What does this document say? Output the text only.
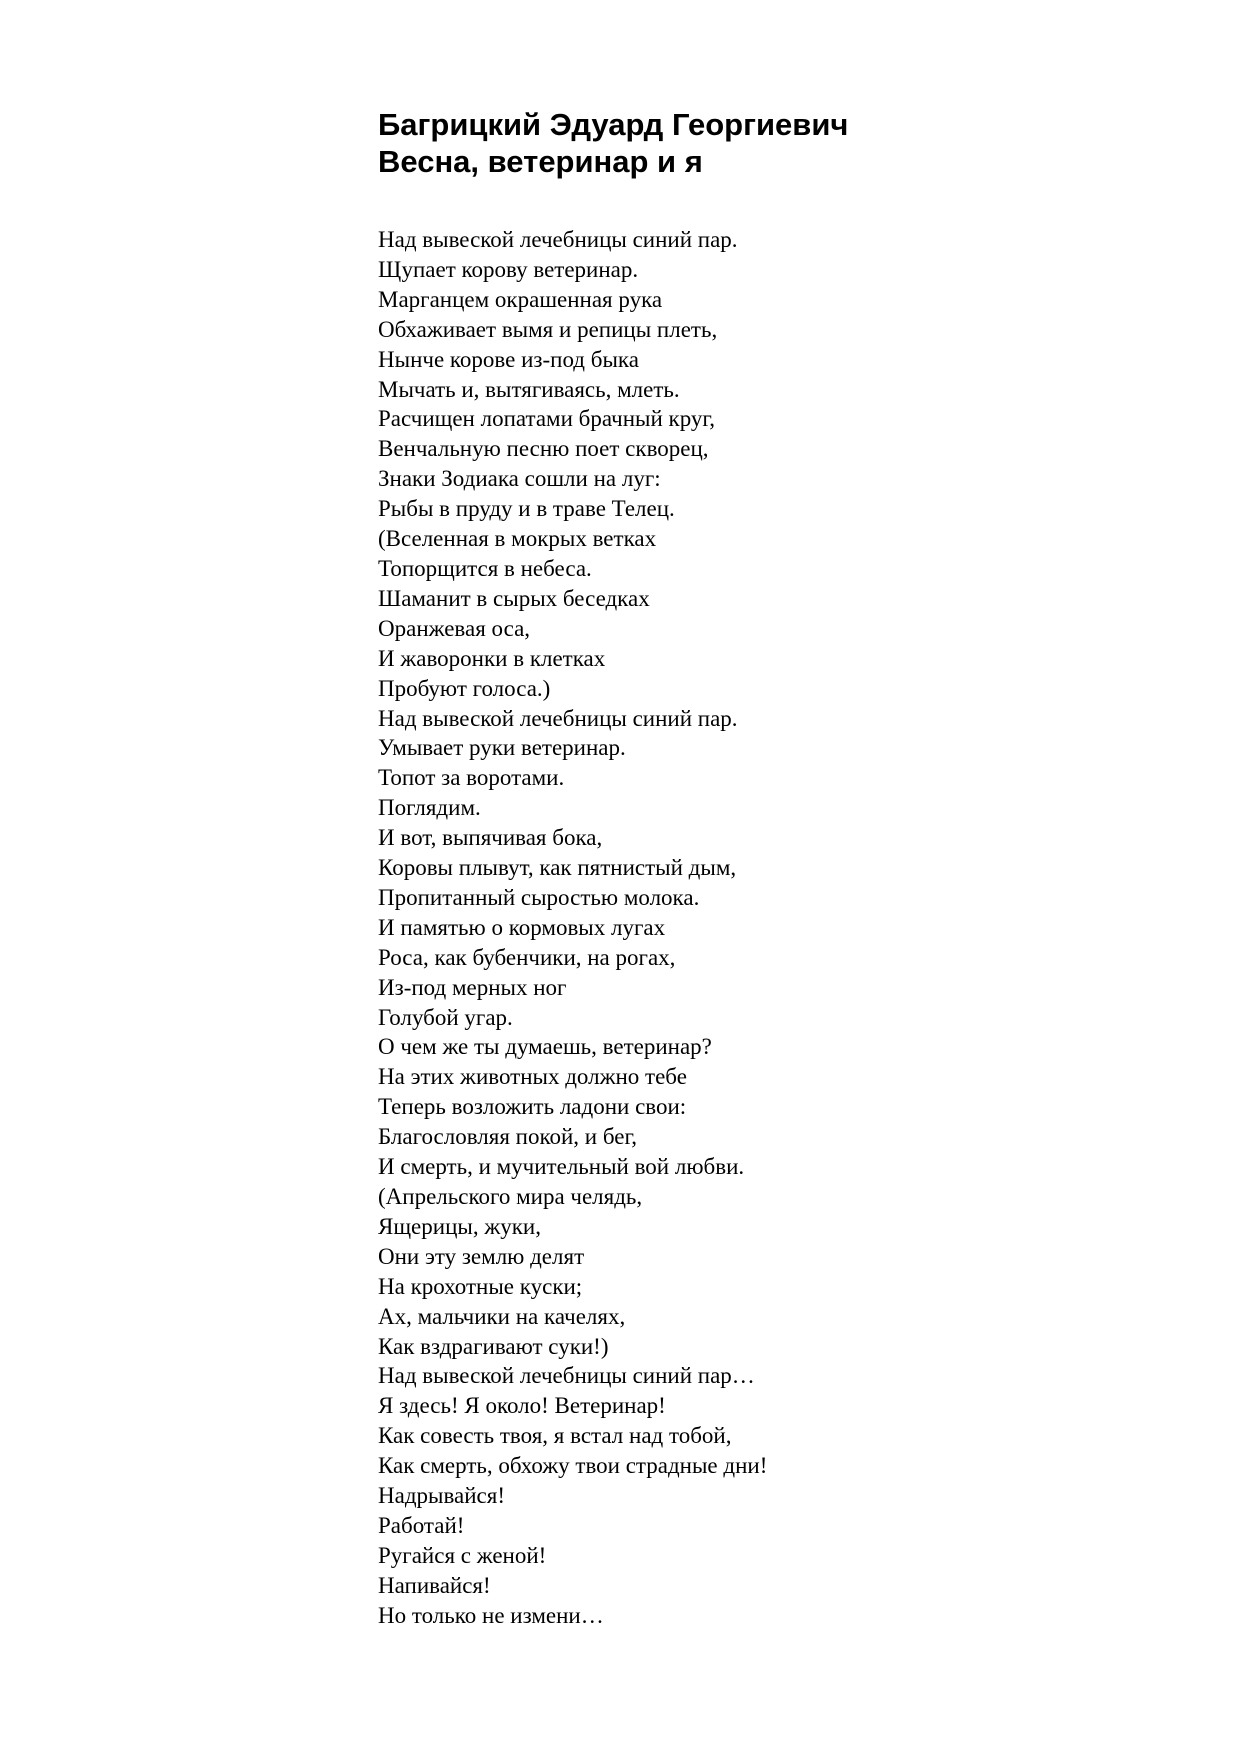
Багрицкий Эдуард Георгиевич
Весна, ветеринар и я
Над вывеской лечебницы синий пар.
Щупает корову ветеринар.
Марганцем окрашенная рука
Обхаживает вымя и репицы плеть,
Нынче корове из-под быка
Мычать и, вытягиваясь, млеть.
Расчищен лопатами брачный круг,
Венчальную песню поет скворец,
Знаки Зодиака сошли на луг:
Рыбы в пруду и в траве Телец.
(Вселенная в мокрых ветках
Топорщится в небеса.
Шаманит в сырых беседках
Оранжевая оса,
И жаворонки в клетках
Пробуют голоса.)
Над вывеской лечебницы синий пар.
Умывает руки ветеринар.
Топот за воротами.
Поглядим.
И вот, выпячивая бока,
Коровы плывут, как пятнистый дым,
Пропитанный сыростью молока.
И памятью о кормовых лугах
Роса, как бубенчики, на рогах,
Из-под мерных ног
Голубой угар.
О чем же ты думаешь, ветеринар?
На этих животных должно тебе
Теперь возложить ладони свои:
Благословляя покой, и бег,
И смерть, и мучительный вой любви.
(Апрельского мира челядь,
Ящерицы, жуки,
Они эту землю делят
На крохотные куски;
Ах, мальчики на качелях,
Как вздрагивают суки!)
Над вывеской лечебницы синий пар…
Я здесь! Я около! Ветеринар!
Как совесть твоя, я встал над тобой,
Как смерть, обхожу твои страдные дни!
Надрывайся!
Работай!
Ругайся с женой!
Напивайся!
Но только не измени…
